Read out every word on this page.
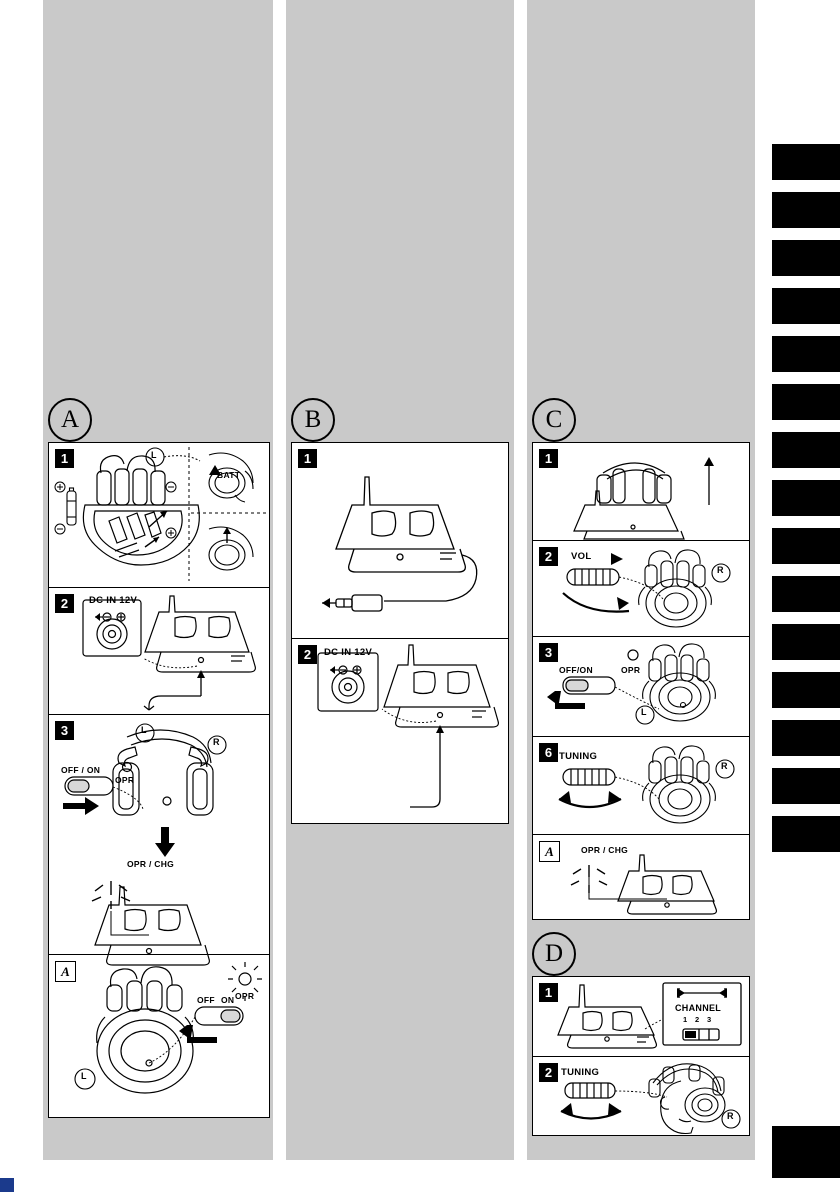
A
1
BATT
L
2	DC IN 12V
3
OFF / ON
OPR
OPR / CHG
L
R
A
OFF ON OPR
L
B
1
2	DC IN 12V
C
1
2	VOL
R
3
OFF/ON	OPR
L
6 TUNING
R
A	OPR / CHG
D
1
CHANNEL
1 2 3
2 TUNING
R
